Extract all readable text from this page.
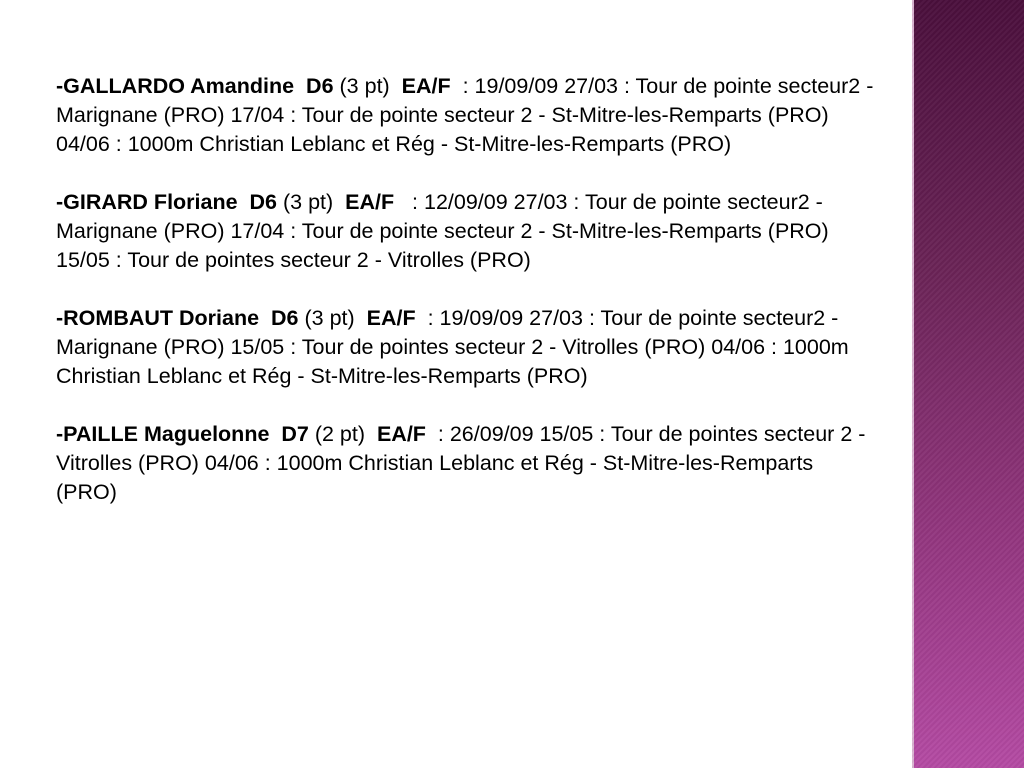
-GALLARDO Amandine D6 (3 pt) EA/F : 19/09/09 27/03 : Tour de pointe secteur2 - Marignane (PRO) 17/04 : Tour de pointe secteur 2 - St-Mitre-les-Remparts (PRO) 04/06 : 1000m Christian Leblanc et Rég - St-Mitre-les-Remparts (PRO)

-GIRARD Floriane D6 (3 pt) EA/F : 12/09/09 27/03 : Tour de pointe secteur2 - Marignane (PRO) 17/04 : Tour de pointe secteur 2 - St-Mitre-les-Remparts (PRO) 15/05 : Tour de pointes secteur 2 - Vitrolles (PRO)

-ROMBAUT Doriane D6 (3 pt) EA/F : 19/09/09 27/03 : Tour de pointe secteur2 - Marignane (PRO) 15/05 : Tour de pointes secteur 2 - Vitrolles (PRO) 04/06 : 1000m Christian Leblanc et Rég - St-Mitre-les-Remparts (PRO)

-PAILLE Maguelonne D7 (2 pt) EA/F : 26/09/09 15/05 : Tour de pointes secteur 2 - Vitrolles (PRO) 04/06 : 1000m Christian Leblanc et Rég - St-Mitre-les-Remparts (PRO)
